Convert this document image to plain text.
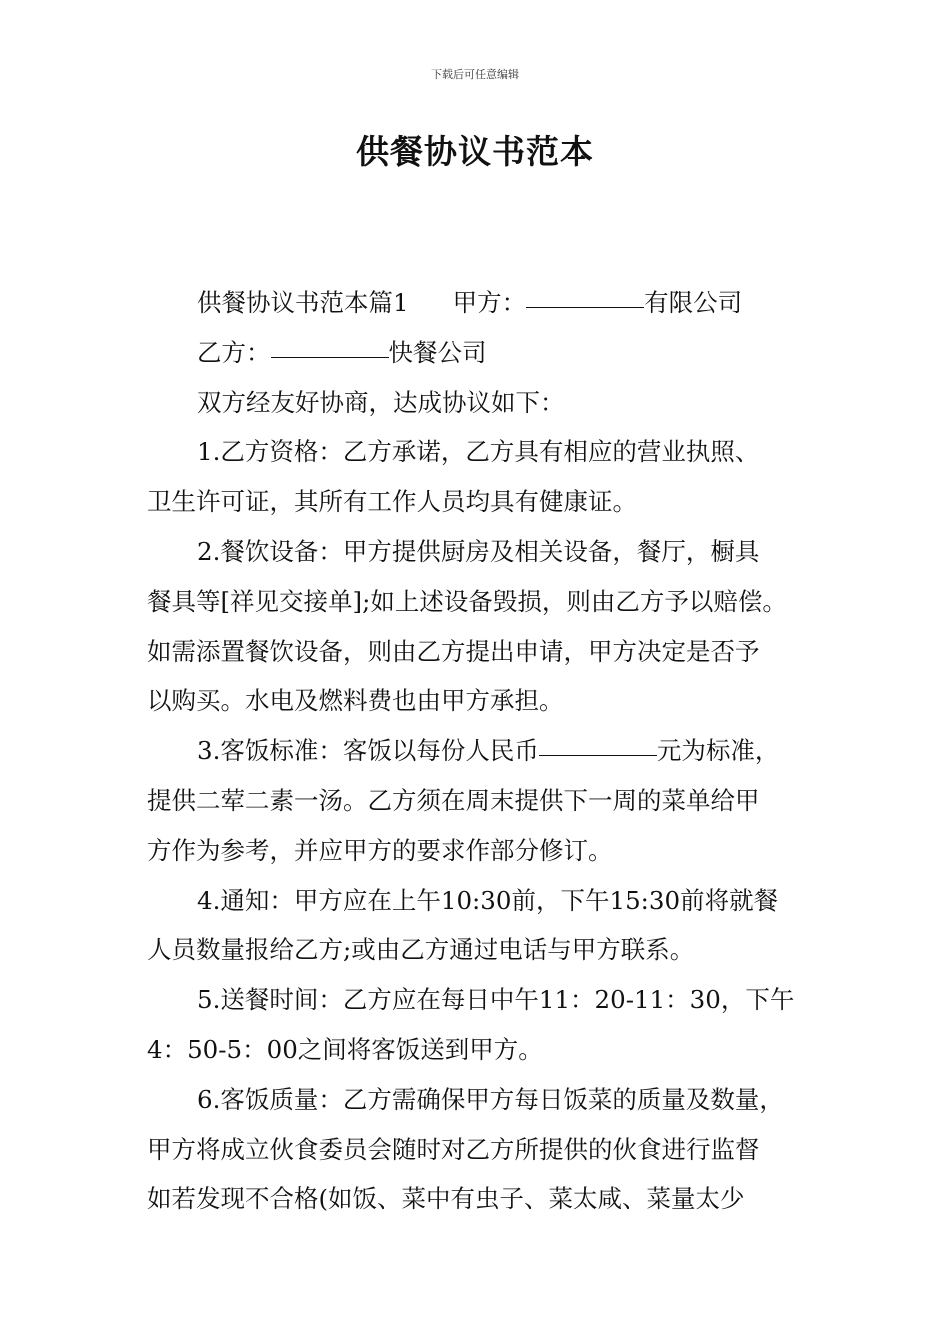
下载后可任意编辑
供餐协议书范本
供餐协议书范本篇1 甲方：	有限公司
乙方：	快餐公司
双方经友好协商，达成协议如下：
1.乙方资格：乙方承诺，乙方具有相应的营业执照、
卫生许可证，其所有工作人员均具有健康证。
2.餐饮设备：甲方提供厨房及相关设备，餐厅，橱具
餐具等[祥见交接单];如上述设备毁损，则由乙方予以赔偿。
如需添置餐饮设备，则由乙方提出申请，甲方决定是否予
以购买。水电及燃料费也由甲方承担。
3.客饭标准：客饭以每份人民币	元为标准，
提供二荤二素一汤。乙方须在周末提供下一周的菜单给甲
方作为参考，并应甲方的要求作部分修订。
4.通知：甲方应在上午10:30前，下午15:30前将就餐
人员数量报给乙方;或由乙方通过电话与甲方联系。
5.送餐时间：乙方应在每日中午11：20-11：30，下午
4：50-5：00之间将客饭送到甲方。
6.客饭质量：乙方需确保甲方每日饭菜的质量及数量，
甲方将成立伙食委员会随时对乙方所提供的伙食进行监督
如若发现不合格(如饭、菜中有虫子、菜太咸、菜量太少
